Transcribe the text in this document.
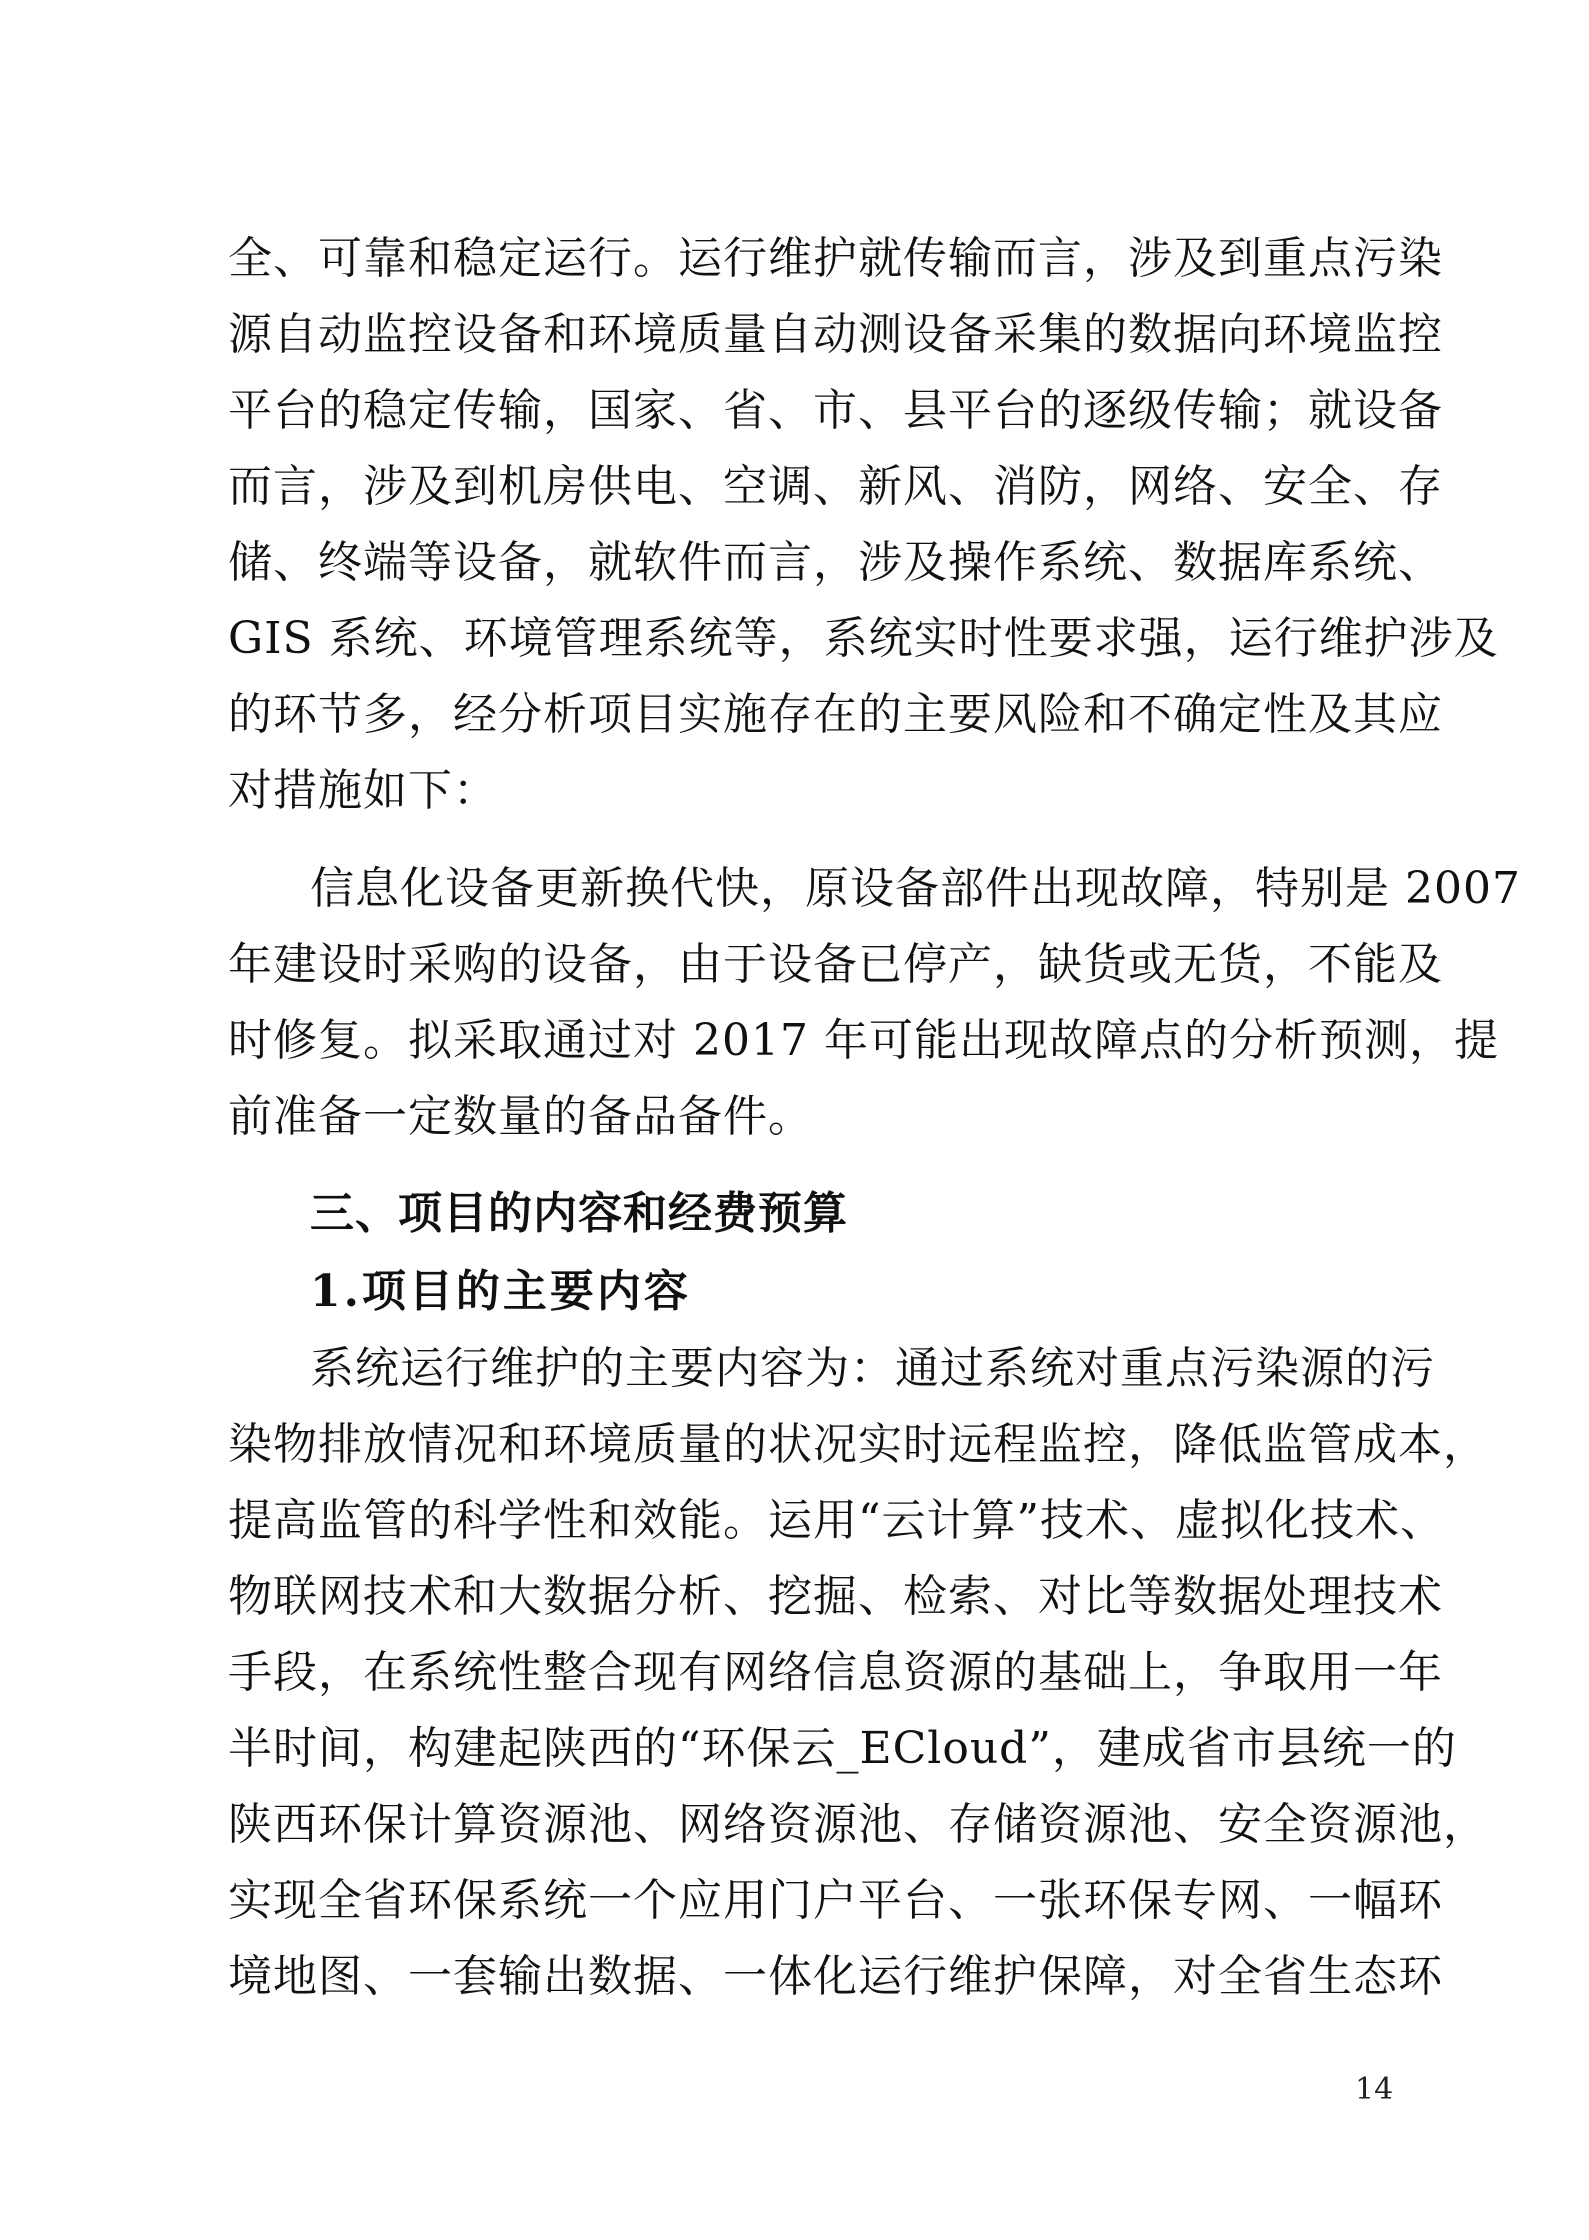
全、可靠和稳定运行。运行维护就传输而言，涉及到重点污染
源自动监控设备和环境质量自动测设备采集的数据向环境监控
平台的稳定传输，国家、省、市、县平台的逐级传输；就设备
而言，涉及到机房供电、空调、新风、消防，网络、安全、存
储、终端等设备，就软件而言，涉及操作系统、数据库系统、
GIS 系统、环境管理系统等，系统实时性要求强，运行维护涉及
的环节多，经分析项目实施存在的主要风险和不确定性及其应
对措施如下：
信息化设备更新换代快，原设备部件出现故障，特别是 2007
年建设时采购的设备，由于设备已停产，缺货或无货，不能及
时修复。拟采取通过对 2017 年可能出现故障点的分析预测，提
前准备一定数量的备品备件。
三、
项目的内容和经费预算
1.项目的主要内容
系统运行维护的主要内容为：通过系统对重点污染源的污
染物排放情况和环境质量的状况实时远程监控，降低监管成本，
提高监管的科学性和效能。运用“云计算”技术、虚拟化技术、
物联网技术和大数据分析、挖掘、检索、对比等数据处理技术
手段，在系统性整合现有网络信息资源的基础上，争取用一年
半时间，构建起陕西的“环保云_ECloud”，建成省市县统一的
陕西环保计算资源池、网络资源池、存储资源池、安全资源池，
实现全省环保系统一个应用门户平台、一张环保专网、一幅环
境地图、一套输出数据、一体化运行维护保障，对全省生态环
14
